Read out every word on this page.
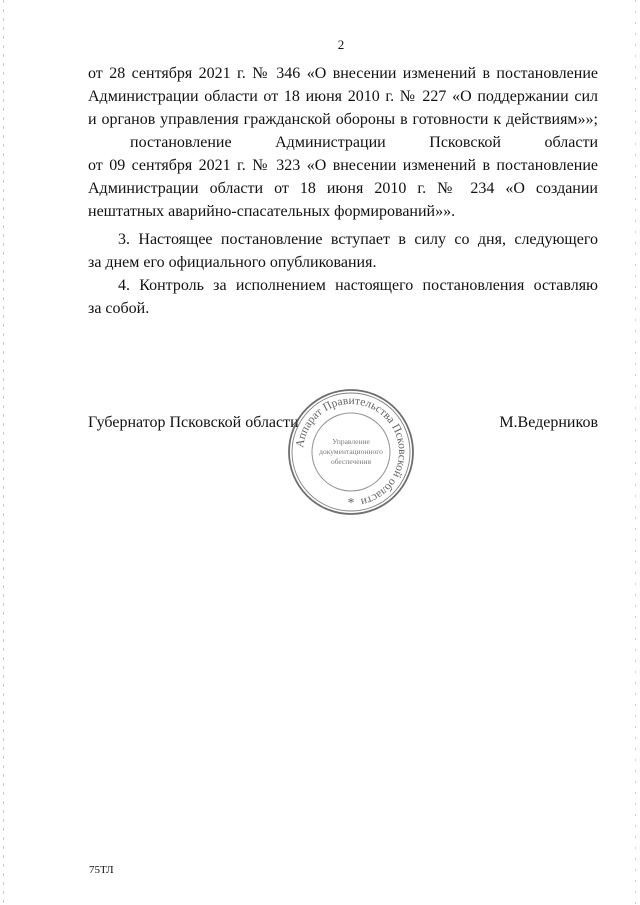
2
от 28 сентября 2021 г. № 346 «О внесении изменений в постановление
Администрации области от 18 июня 2010 г. № 227 «О поддержании сил
и органов управления гражданской обороны в готовности к действиям»»;
постановление	Администрации	Псковской	области
от 09 сентября 2021 г. № 323 «О внесении изменений в постановление
Администрации области от 18 июня 2010 г. № 234 «О создании
нештатных аварийно-спасательных формирований»».
3. Настоящее постановление вступает в силу со дня, следующего
за днем его официального опубликования.
4. Контроль за исполнением настоящего постановления оставляю
за собой.
Губернатор Псковской области	М.Ведерников
Аппарат Правительства Псковской области
Управление
документационного
обеспечения
*
75ТЛ
